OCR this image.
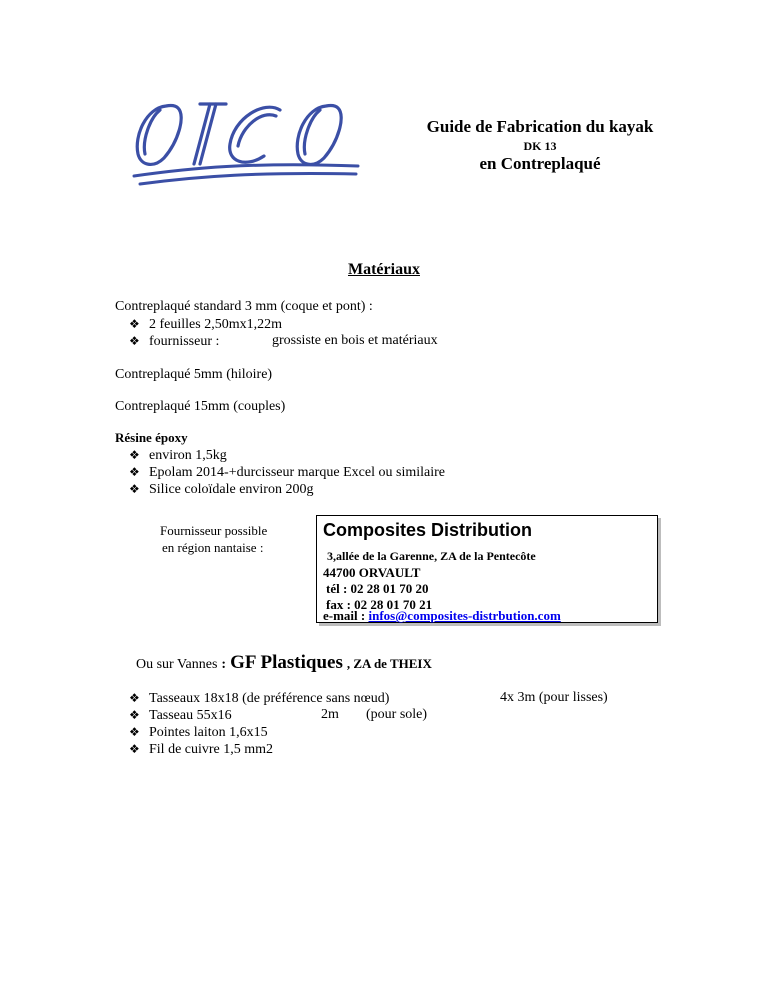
Guide de Fabrication du kayak
DK 13
en Contreplaqué
Matériaux
Contreplaqué standard 3 mm (coque et pont) :
❖ 2 feuilles 2,50mx1,22m
❖ fournisseur :	grossiste en bois et matériaux
Contreplaqué 5mm (hiloire)
Contreplaqué 15mm (couples)
Résine époxy
❖ environ 1,5kg
❖ Epolam 2014-+durcisseur marque Excel ou similaire
❖ Silice coloïdale environ 200g
Fournisseur possible
en région nantaise :
Composites Distribution
3,allée de la Garenne, ZA de la Pentecôte
44700 ORVAULT
tél : 02 28 01 70 20
fax : 02 28 01 70 21
e-mail : infos@composites-distrbution.com
Ou sur Vannes : GF Plastiques , ZA de THEIX
❖ Tasseaux 18x18 (de préférence sans nœud)	4x 3m (pour lisses)
❖ Tasseau 55x16	2m (pour sole)
❖ Pointes laiton 1,6x15
❖ Fil de cuivre 1,5 mm2
